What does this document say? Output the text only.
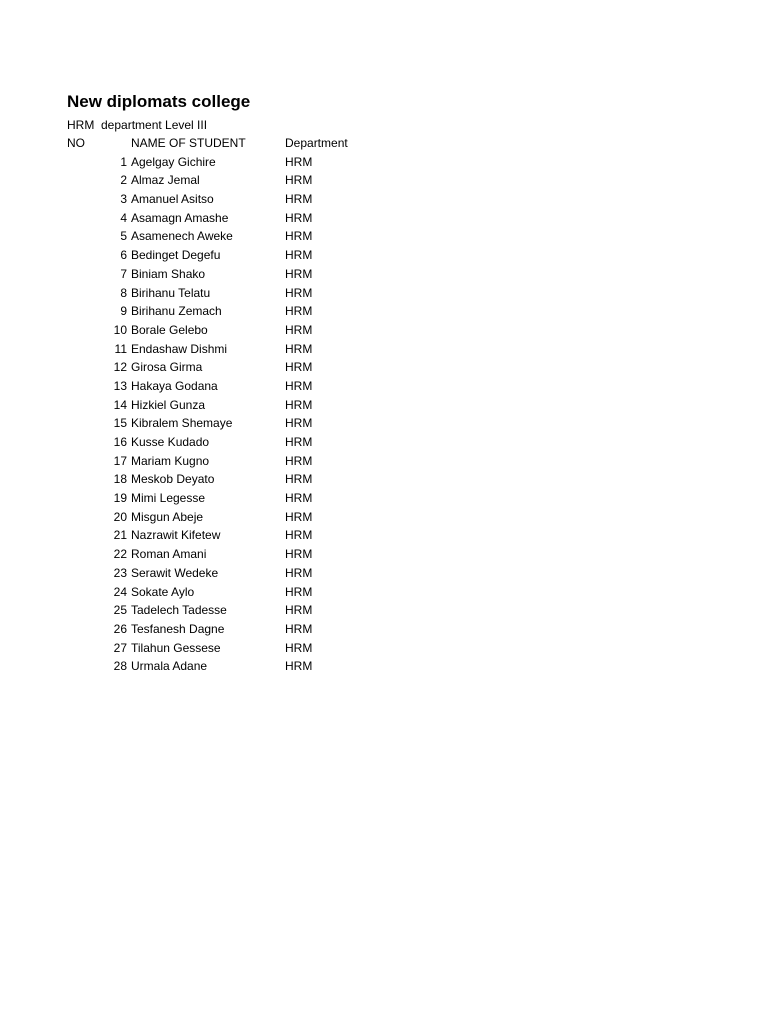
New diplomats college
HRM  department Level III
NO	NAME OF STUDENT	Department
1 Agelgay Gichire	HRM
2 Almaz Jemal	HRM
3 Amanuel Asitso	HRM
4 Asamagn Amashe	HRM
5 Asamenech Aweke	HRM
6 Bedinget Degefu	HRM
7 Biniam Shako	HRM
8 Birihanu Telatu	HRM
9 Birihanu Zemach	HRM
10 Borale Gelebo	HRM
11 Endashaw Dishmi	HRM
12 Girosa Girma	HRM
13 Hakaya Godana	HRM
14 Hizkiel Gunza	HRM
15 Kibralem Shemaye	HRM
16 Kusse Kudado	HRM
17 Mariam Kugno	HRM
18 Meskob Deyato	HRM
19 Mimi Legesse	HRM
20 Misgun Abeje	HRM
21 Nazrawit Kifetew	HRM
22 Roman Amani	HRM
23 Serawit Wedeke	HRM
24 Sokate Aylo	HRM
25 Tadelech Tadesse	HRM
26 Tesfanesh Dagne	HRM
27 Tilahun Gessese	HRM
28 Urmala Adane	HRM
